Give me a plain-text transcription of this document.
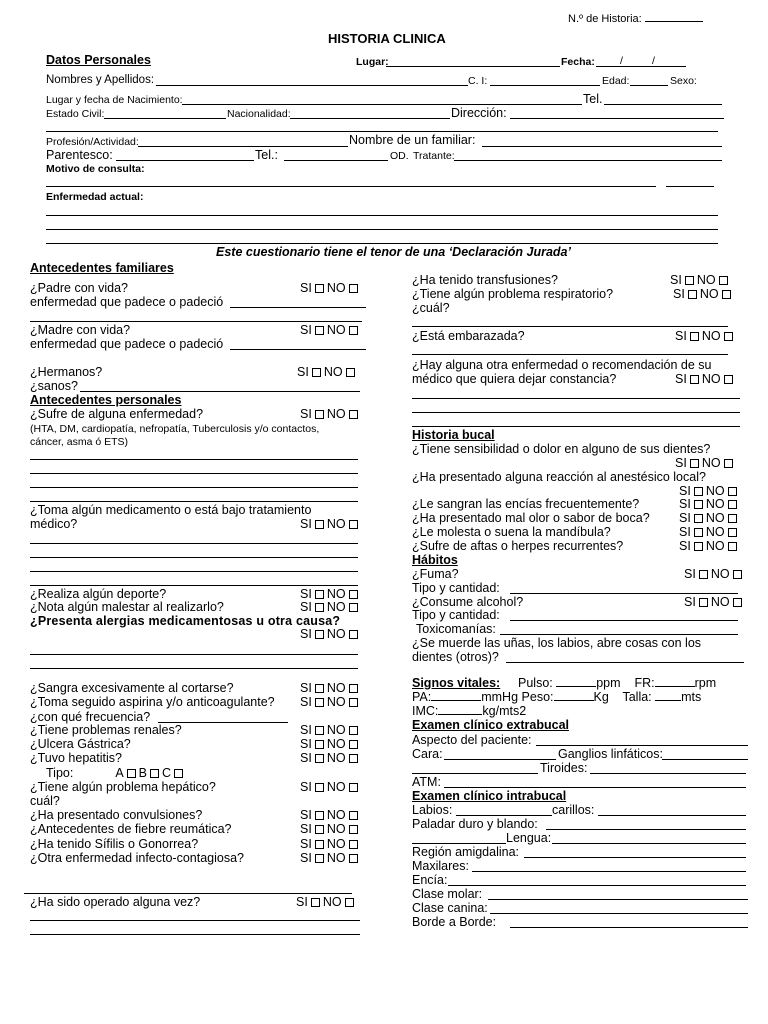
N.º de Historia:
HISTORIA CLINICA
Datos Personales	Lugar:	Fecha: /	/
Nombres y Apellidos:	C. I:	Edad:	Sexo:
Lugar y fecha de Nacimiento:	Tel.
Estado Civil:	Nacionalidad:	Dirección:
Profesión/Actividad:	Nombre de un familiar:
Parentesco:	Tel.:	OD. Tratante:
Motivo de consulta:
Enfermedad actual:
Este cuestionario tiene el tenor de una ‘Declaración Jurada’
Antecedentes familiares
¿Padre con vida?	SI NO
enfermedad que padece o padeció
¿Madre con vida?	SI NO
enfermedad que padece o padeció
¿Hermanos?	SI NO
¿sanos?
Antecedentes personales
¿Sufre de alguna enfermedad?	SI NO
(HTA, DM, cardiopatía, nefropatía, Tuberculosis y/o contactos,
cáncer, asma ó ETS)
¿Toma algún medicamento o está bajo tratamiento
médico?	SI NO
¿Realiza algún deporte?	SI NO
¿Nota algún malestar al realizarlo?	SI NO
¿Presenta alergias medicamentosas u otra causa?
SI NO
¿Sangra excesivamente al cortarse?	SI NO
¿Toma seguido aspirina y/o anticoagulante? SI NO
¿con qué frecuencia?
¿Tiene problemas renales?	SI NO
¿Ulcera Gástrica?	SI NO
¿Tuvo hepatitis?	SI NO
Tipo:	A B C
¿Tiene algún problema hepático?	SI NO
cuál?
¿Ha presentado convulsiones?	SI NO
¿Antecedentes de fiebre reumática?	SI NO
¿Ha tenido Sífilis o Gonorrea?	SI NO
¿Otra enfermedad infecto-contagiosa?	SI NO
¿Ha sido operado alguna vez?	SI NO
¿Ha tenido transfusiones?	SI NO
¿Tiene algún problema respiratorio?	SI NO
¿cuál?
¿Está embarazada?	SI NO
¿Hay alguna otra enfermedad o recomendación de su
médico que quiera dejar constancia?	SI NO
Historia bucal
¿Tiene sensibilidad o dolor en alguno de sus dientes?
SI NO
¿Ha presentado alguna reacción al anestésico local?
SI NO
¿Le sangran las encías frecuentemente?	SI NO
¿Ha presentado mal olor o sabor de boca? SI NO
¿Le molesta o suena la mandíbula?	SI NO
¿Sufre de aftas o herpes recurrentes?	SI NO
Hábitos
¿Fuma?	SI NO
Tipo y cantidad:
¿Consume alcohol?	SI NO
Tipo y cantidad:
Toxicomanías:
¿Se muerde las uñas, los labios, abre cosas con los
dientes (otros)?
Signos vitales: Pulso:	ppm FR:	rpm
PA:	mmHg Peso:	Kg Talla: mts
IMC:	kg/mts2
Examen clínico extrabucal
Aspecto del paciente:
Cara:	Ganglios linfáticos:
Tiroides:
ATM:
Examen clínico intrabucal
Labios:	carillos:
Paladar duro y blando:
Lengua:
Región amigdalina:
Maxilares:
Encía:
Clase molar:
Clase canina:
Borde a Borde:
